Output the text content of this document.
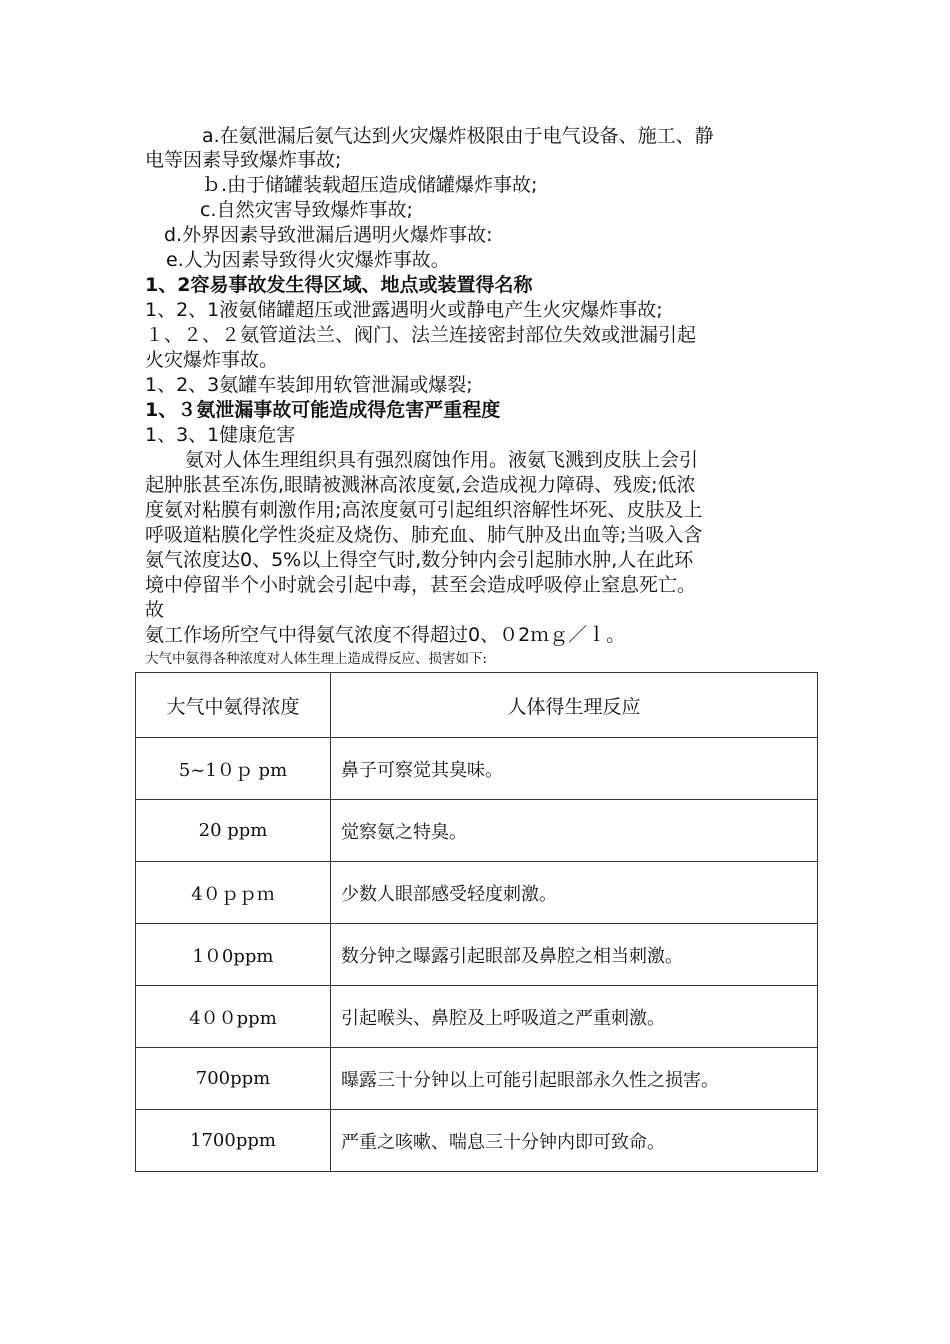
a.在氨泄漏后氨气达到火灾爆炸极限由于电气设备、施工、静
电等因素导致爆炸事故;
ｂ.由于储罐装载超压造成储罐爆炸事故;
c.自然灾害导致爆炸事故;
d.外界因素导致泄漏后遇明火爆炸事故:
e.人为因素导致得火灾爆炸事故。
1、2容易事故发生得区域、地点或装置得名称
1、2、1液氨储罐超压或泄露遇明火或静电产生火灾爆炸事故;
１、２、２氨管道法兰、阀门、法兰连接密封部位失效或泄漏引起
火灾爆炸事故。
1、2、3氨罐车装卸用软管泄漏或爆裂;
1、３氨泄漏事故可能造成得危害严重程度
1、3、1健康危害
氨对人体生理组织具有强烈腐蚀作用。液氨飞溅到皮肤上会引
起肿胀甚至冻伤,眼睛被溅淋高浓度氨,会造成视力障碍、残废;低浓
度氨对粘膜有刺激作用;高浓度氨可引起组织溶解性坏死、皮肤及上
呼吸道粘膜化学性炎症及烧伤、肺充血、肺气肿及出血等;当吸入含
氨气浓度达0、5%以上得空气时,数分钟内会引起肺水肿,人在此环
境中停留半个小时就会引起中毒，甚至会造成呼吸停止窒息死亡。
故
氨工作场所空气中得氨气浓度不得超过0、０2ｍｇ／ｌ。
大气中氨得各种浓度对人体生理上造成得反应、损害如下:
大气中氨得浓度	人体得生理反应
5~1０ｐ pm	鼻子可察觉其臭味。
20 ppm	觉察氨之特臭。
4０ｐｐｍ	少数人眼部感受轻度刺激。
1０0ppm	数分钟之曝露引起眼部及鼻腔之相当刺激。
4００ppm	引起喉头、鼻腔及上呼吸道之严重刺激。
700ppm	曝露三十分钟以上可能引起眼部永久性之损害。
1700ppm	严重之咳嗽、喘息三十分钟内即可致命。
